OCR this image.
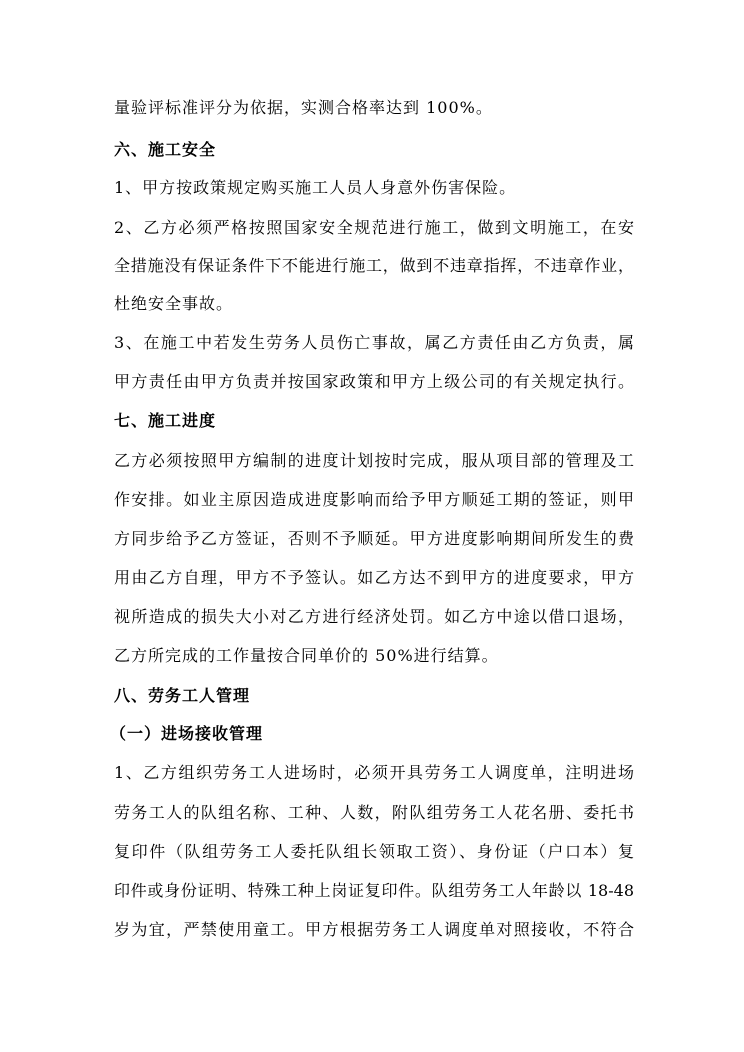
量验评标准评分为依据，实测合格率达到 100%。
六、施工安全
1、甲方按政策规定购买施工人员人身意外伤害保险。
2、乙方必须严格按照国家安全规范进行施工，做到文明施工，在安
全措施没有保证条件下不能进行施工，做到不违章指挥，不违章作业，
杜绝安全事故。
3、在施工中若发生劳务人员伤亡事故，属乙方责任由乙方负责，属
甲方责任由甲方负责并按国家政策和甲方上级公司的有关规定执行。
七、施工进度
乙方必须按照甲方编制的进度计划按时完成，服从项目部的管理及工
作安排。如业主原因造成进度影响而给予甲方顺延工期的签证，则甲
方同步给予乙方签证，否则不予顺延。甲方进度影响期间所发生的费
用由乙方自理，甲方不予签认。如乙方达不到甲方的进度要求，甲方
视所造成的损失大小对乙方进行经济处罚。如乙方中途以借口退场，
乙方所完成的工作量按合同单价的 50%进行结算。
八、劳务工人管理
（一）进场接收管理
1、乙方组织劳务工人进场时，必须开具劳务工人调度单，注明进场
劳务工人的队组名称、工种、人数，附队组劳务工人花名册、委托书
复印件（队组劳务工人委托队组长领取工资）、身份证（户口本）复
印件或身份证明、特殊工种上岗证复印件。队组劳务工人年龄以 18-48
岁为宜，严禁使用童工。甲方根据劳务工人调度单对照接收，不符合
